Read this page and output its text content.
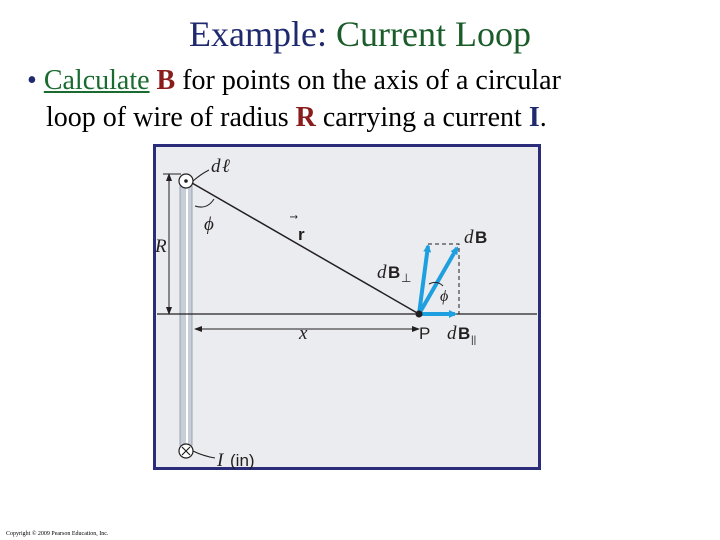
Example: Current Loop
• Calculate B for points on the axis of a circular
loop of wire of radius R carrying a current I.
d ℓ
ϕ
R
r	d B
d B ⊥
ϕ
x	P d B ||
I (in)
Copyright © 2009 Pearson Education, Inc.
